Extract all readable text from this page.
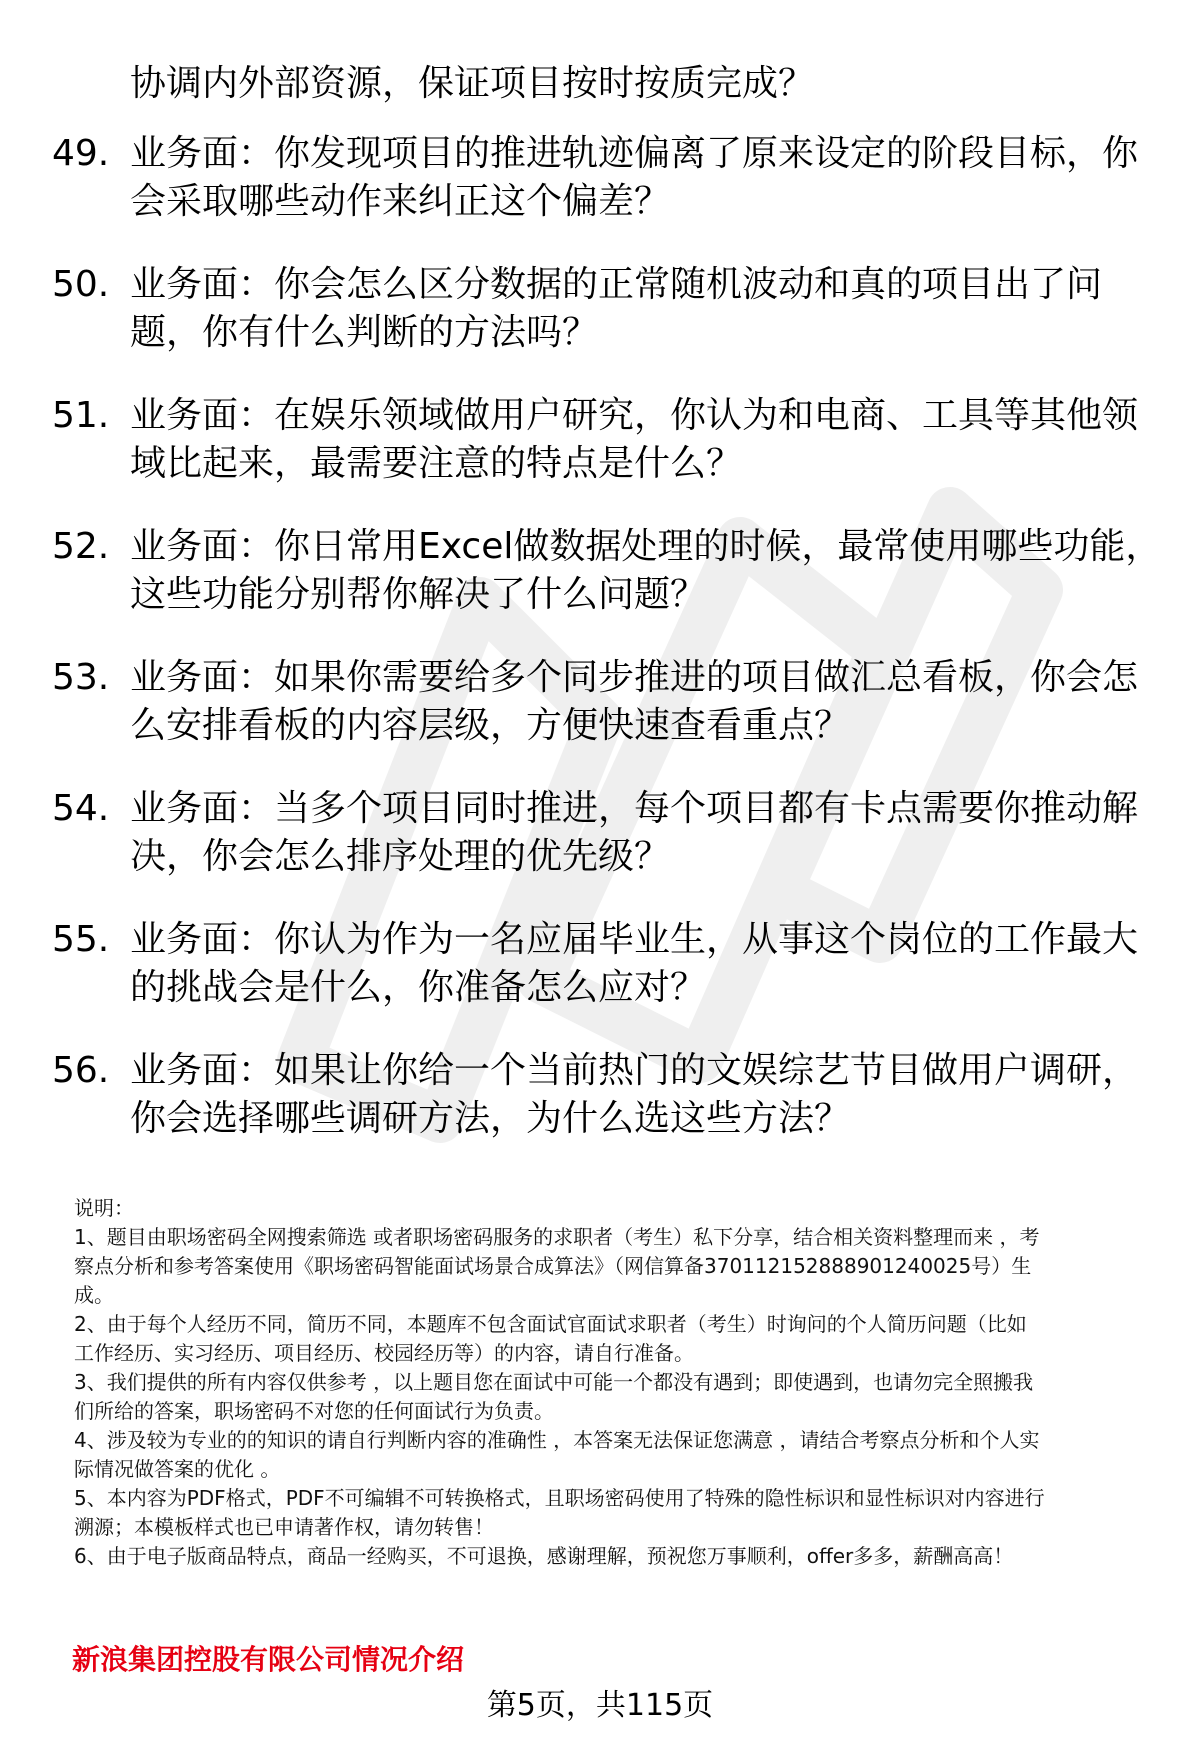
协调内外部资源，保证项目按时按质完成？
49. 业务面：你发现项目的推进轨迹偏离了原来设定的阶段目标，你
会采取哪些动作来纠正这个偏差？
50. 业务面：你会怎么区分数据的正常随机波动和真的项目出了问
题，你有什么判断的方法吗？
51. 业务面：在娱乐领域做用户研究，你认为和电商、工具等其他领
域比起来，最需要注意的特点是什么？
52. 业务面：你日常用Excel做数据处理的时候，最常使用哪些功能，
这些功能分别帮你解决了什么问题？
53. 业务面：如果你需要给多个同步推进的项目做汇总看板，你会怎
么安排看板的内容层级，方便快速查看重点？
54. 业务面：当多个项目同时推进，每个项目都有卡点需要你推动解
决，你会怎么排序处理的优先级？
55. 业务面：你认为作为一名应届毕业生，从事这个岗位的工作最大
的挑战会是什么，你准备怎么应对？
56. 业务面：如果让你给一个当前热门的文娱综艺节目做用户调研，
你会选择哪些调研方法，为什么选这些方法？
说明：
1、题目由职场密码全网搜索筛选 或者职场密码服务的求职者（考生）私下分享，结合相关资料整理而来 ，考
察点分析和参考答案使用《职场密码智能面试场景合成算法》（网信算备370112152888901240025号）生
成。
2、由于每个人经历不同，简历不同，本题库不包含面试官面试求职者（考生）时询问的个人简历问题（比如
工作经历、实习经历、项目经历、校园经历等）的内容，请自行准备。
3、我们提供的所有内容仅供参考 ，以上题目您在面试中可能一个都没有遇到；即使遇到，也请勿完全照搬我
们所给的答案，职场密码不对您的任何面试行为负责。
4、涉及较为专业的的知识的请自行判断内容的准确性 ，本答案无法保证您满意 ，请结合考察点分析和个人实
际情况做答案的优化 。
5、本内容为PDF格式，PDF不可编辑不可转换格式，且职场密码使用了特殊的隐性标识和显性标识对内容进行
溯源；本模板样式也已申请著作权，请勿转售！
6、由于电子版商品特点，商品一经购买，不可退换，感谢理解，预祝您万事顺利，offer多多，薪酬高高！
新浪集团控股有限公司情况介绍
第5页，共115页
